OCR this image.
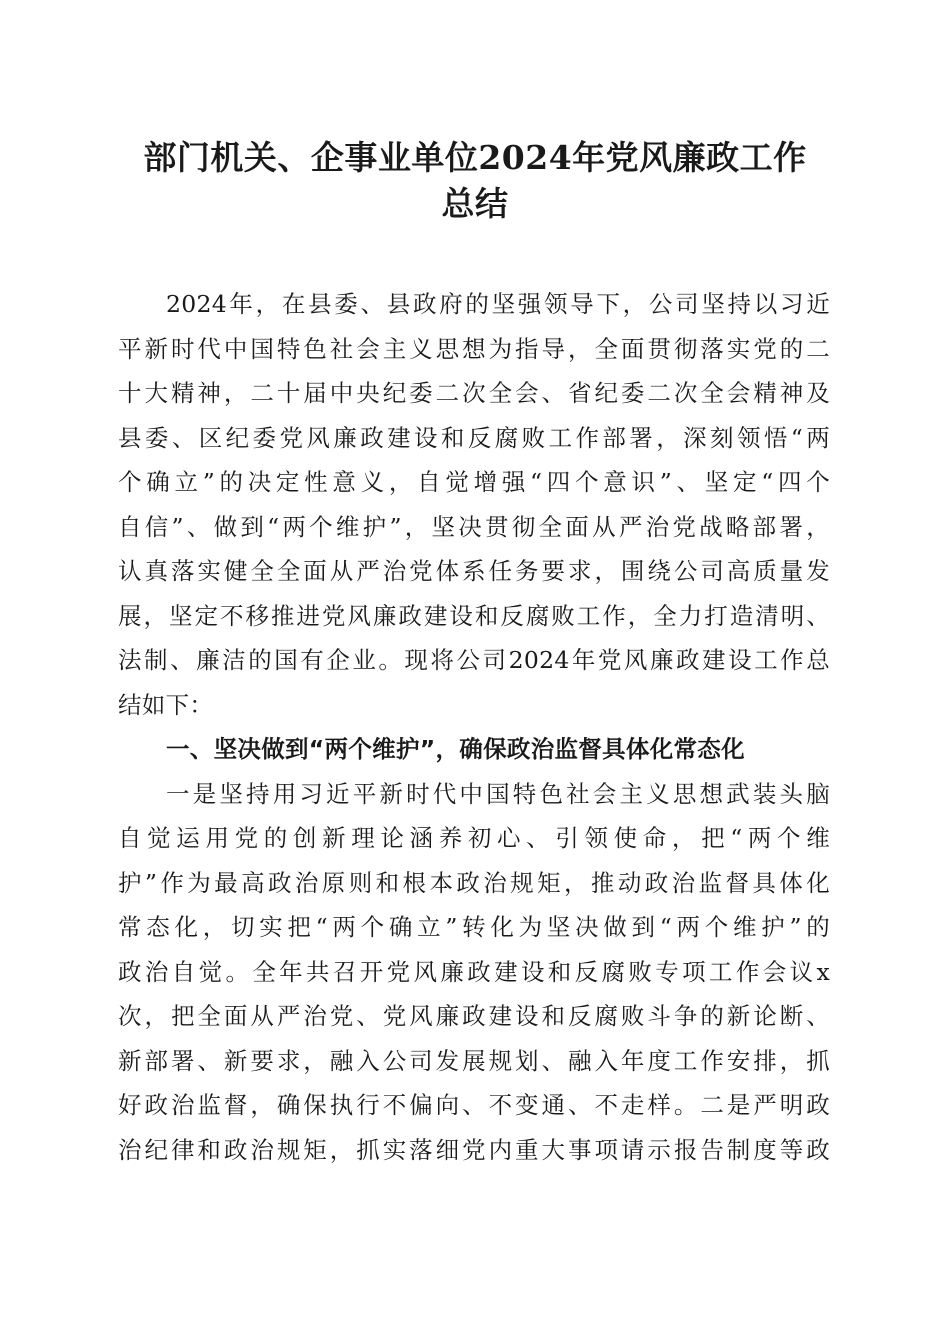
部门机关、企事业单位2024年党风廉政工作
总结
2024年，在县委、县政府的坚强领导下，公司坚持以习近
平新时代中国特色社会主义思想为指导，全面贯彻落实党的二
十大精神，二十届中央纪委二次全会、省纪委二次全会精神及
县委、区纪委党风廉政建设和反腐败工作部署，深刻领悟“两
个确立”的决定性意义，自觉增强“四个意识”、坚定“四个
自信”、做到“两个维护”，坚决贯彻全面从严治党战略部署，
认真落实健全全面从严治党体系任务要求，围绕公司高质量发
展，坚定不移推进党风廉政建设和反腐败工作，全力打造清明、
法制、廉洁的国有企业。现将公司2024年党风廉政建设工作总
结如下：
一、坚决做到“两个维护”，确保政治监督具体化常态化
一是坚持用习近平新时代中国特色社会主义思想武装头脑
自觉运用党的创新理论涵养初心、引领使命，把“两个维
护”作为最高政治原则和根本政治规矩，推动政治监督具体化
常态化，切实把“两个确立”转化为坚决做到“两个维护”的
政治自觉。全年共召开党风廉政建设和反腐败专项工作会议x
次，把全面从严治党、党风廉政建设和反腐败斗争的新论断、
新部署、新要求，融入公司发展规划、融入年度工作安排，抓
好政治监督，确保执行不偏向、不变通、不走样。二是严明政
治纪律和政治规矩，抓实落细党内重大事项请示报告制度等政
